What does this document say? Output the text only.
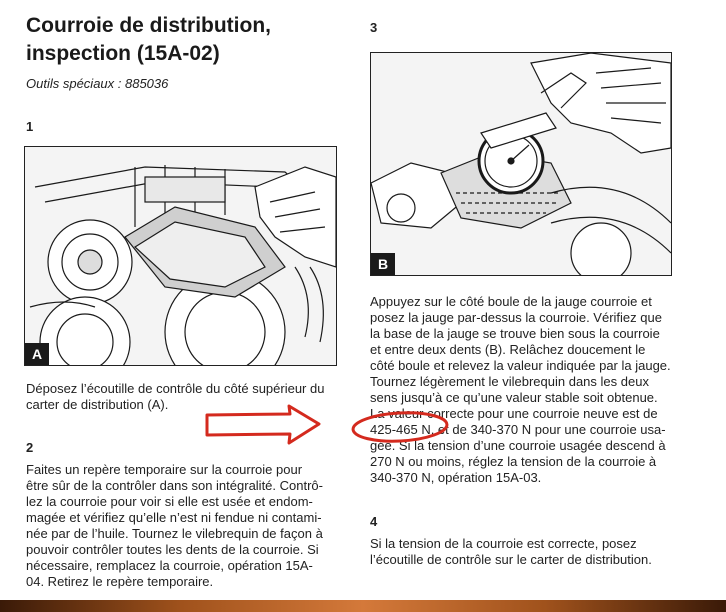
Courroie de distribution,
inspection (15A-02)
Outils spéciaux : 885036
1
A
Déposez l’écoutille de contrôle du côté supérieur du
carter de distribution (A).
2
Faites un repère temporaire sur la courroie pour
être sûr de la contrôler dans son intégralité. Contrô-
lez la courroie pour voir si elle est usée et endom-
magée et vérifiez qu’elle n’est ni fendue ni contami-
née par de l’huile. Tournez le vilebrequin de façon à
pouvoir contrôler toutes les dents de la courroie. Si
nécessaire, remplacez la courroie, opération 15A-
04. Retirez le repère temporaire.
3
B
Appuyez sur le côté boule de la jauge courroie et
posez la jauge par-dessus la courroie. Vérifiez que
la base de la jauge se trouve bien sous la courroie
et entre deux dents (B). Relâchez doucement le
côté boule et relevez la valeur indiquée par la jauge.
Tournez légèrement le vilebrequin dans les deux
sens jusqu’à ce qu’une valeur stable soit obtenue.
La valeur correcte pour une courroie neuve est de
425-465 N, et de 340-370 N pour une courroie usa-
gée. Si la tension d’une courroie usagée descend à
270 N ou moins, réglez la tension de la courroie à
340-370 N, opération 15A-03.
4
Si la tension de la courroie est correcte, posez
l’écoutille de contrôle sur le carter de distribution.
